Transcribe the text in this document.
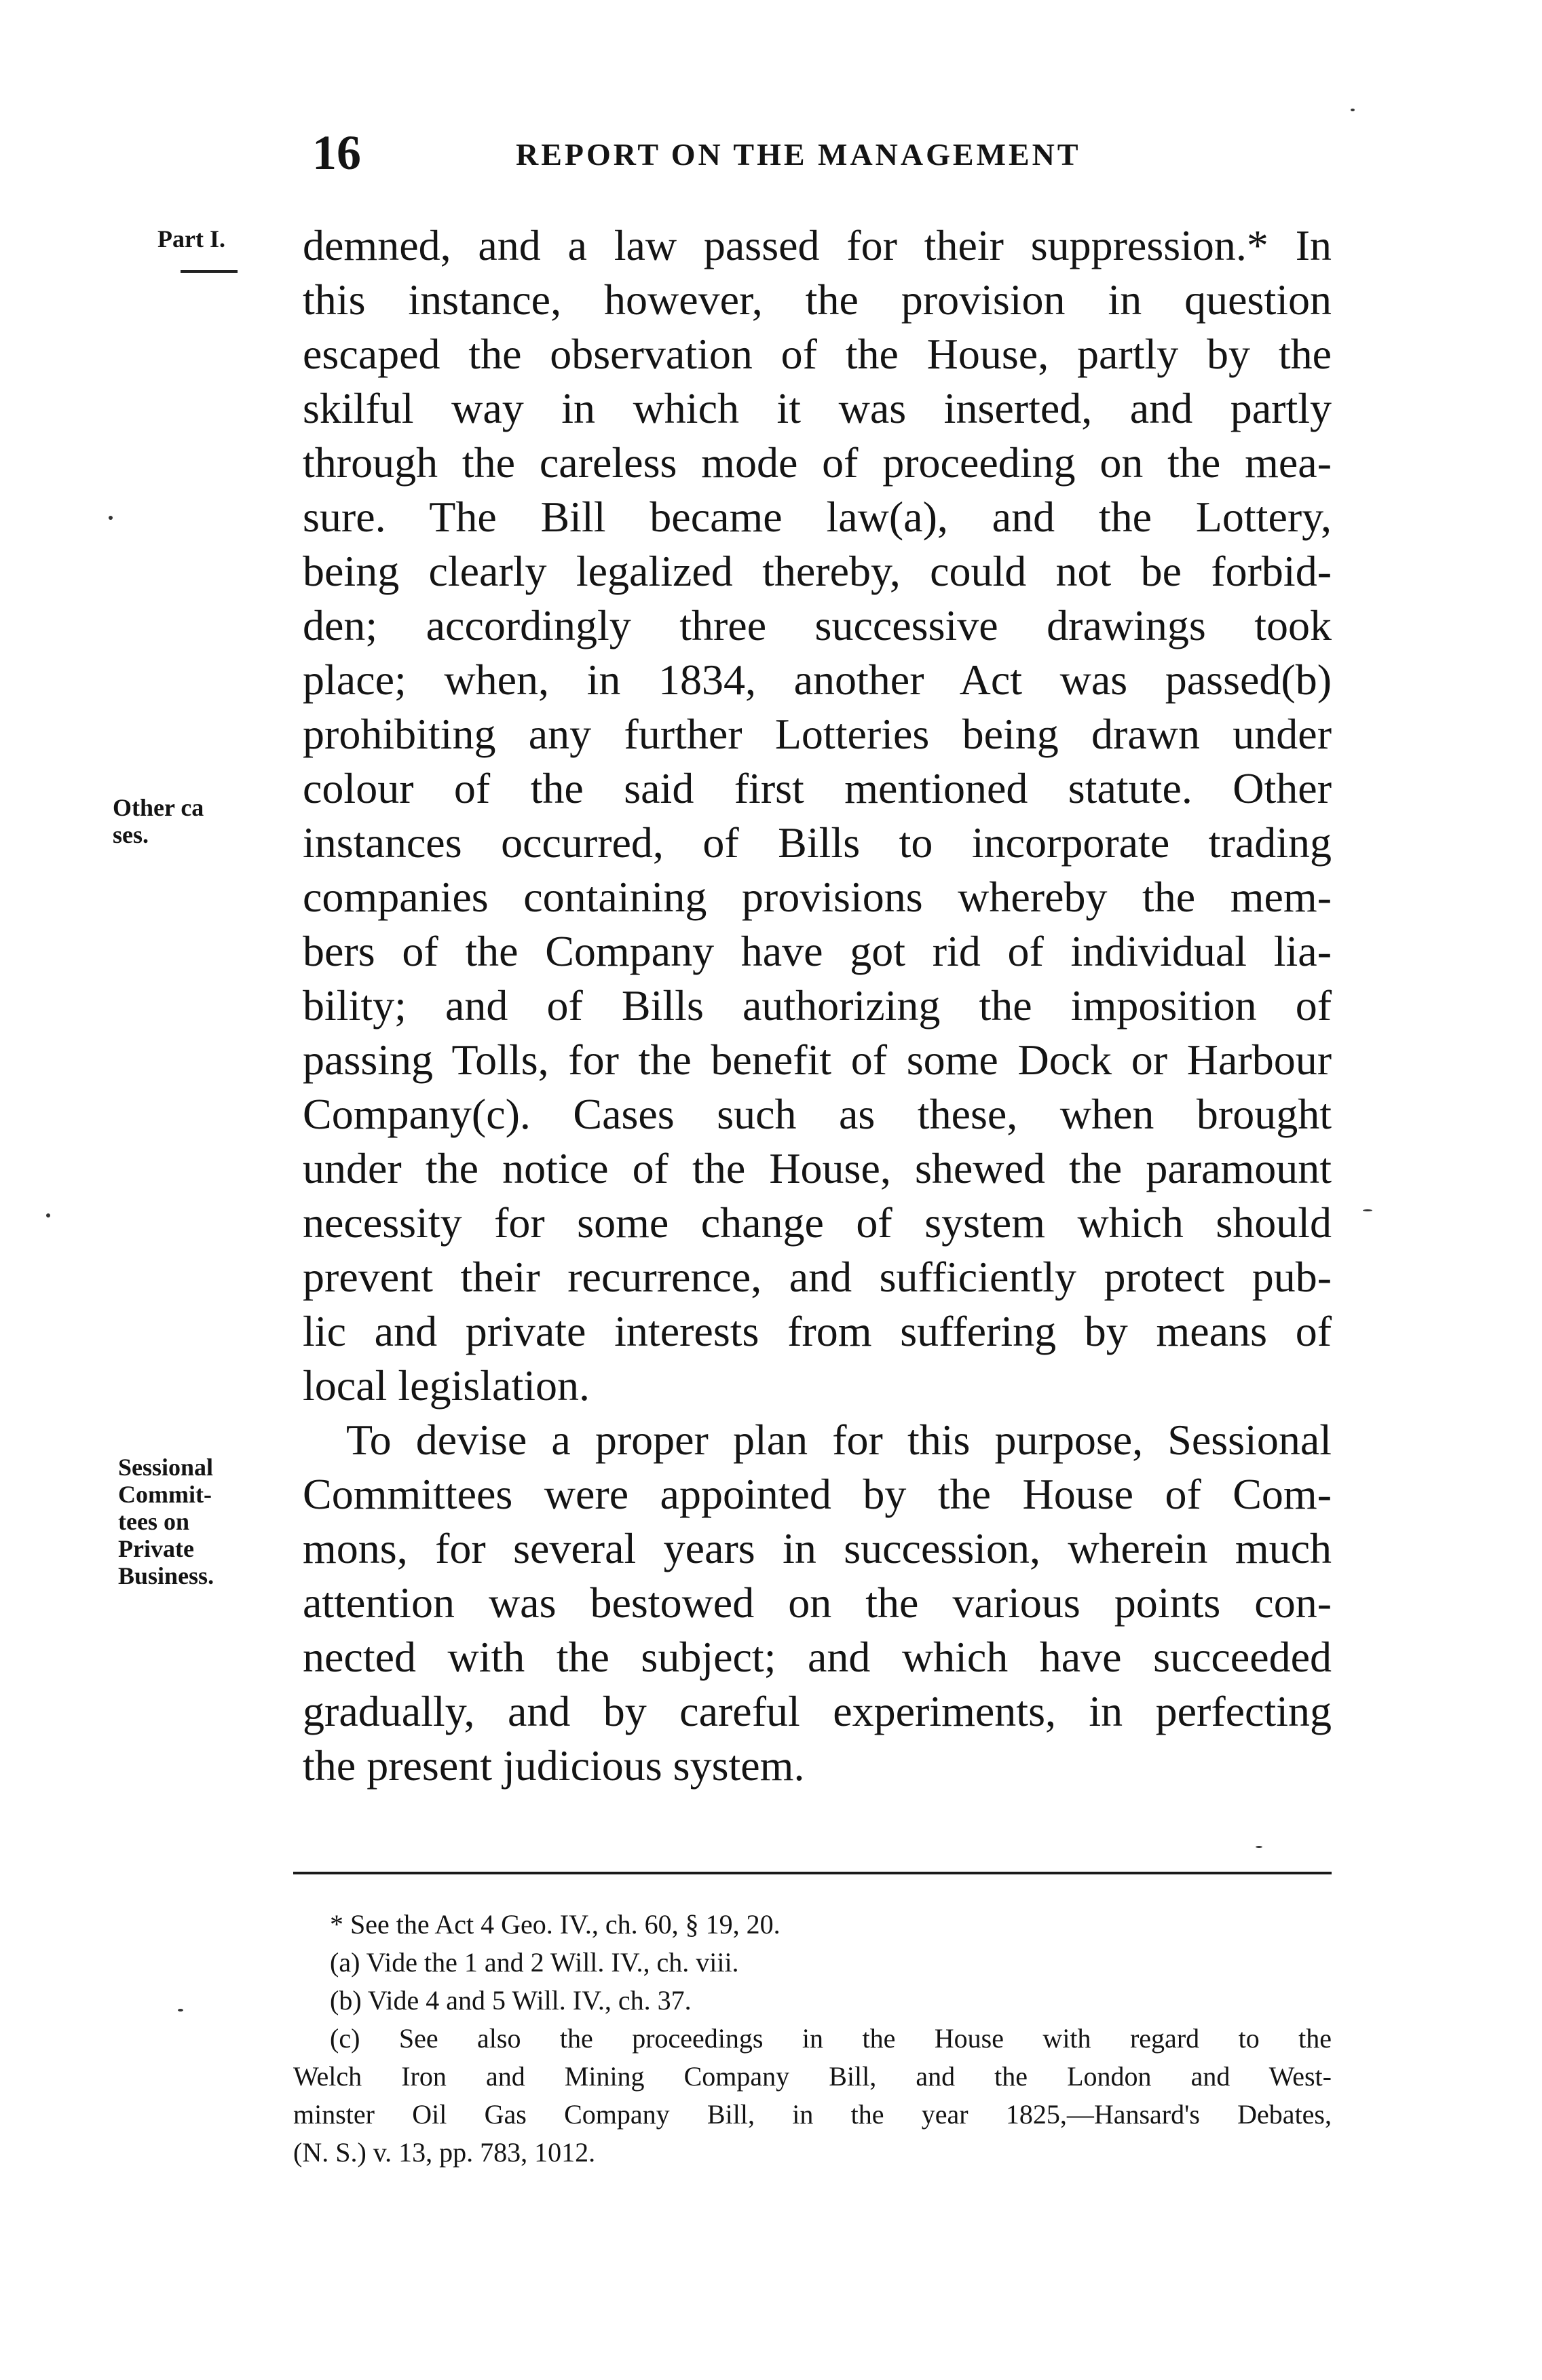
16	REPORT ON THE MANAGEMENT
Part I.
Other ca
ses.
Sessional
Commit-
tees on
Private
Business.
demned, and a law passed for their suppression.* In
this instance, however, the provision in question
escaped the observation of the House, partly by the
skilful way in which it was inserted, and partly
through the careless mode of proceeding on the mea-
sure. The Bill became law(a), and the Lottery,
being clearly legalized thereby, could not be forbid-
den; accordingly three successive drawings took
place; when, in 1834, another Act was passed(b)
prohibiting any further Lotteries being drawn under
colour of the said first mentioned statute. Other
instances occurred, of Bills to incorporate trading
companies containing provisions whereby the mem-
bers of the Company have got rid of individual lia-
bility; and of Bills authorizing the imposition of
passing Tolls, for the benefit of some Dock or Harbour
Company(c). Cases such as these, when brought
under the notice of the House, shewed the paramount
necessity for some change of system which should
prevent their recurrence, and sufficiently protect pub-
lic and private interests from suffering by means of
local legislation.
To devise a proper plan for this purpose, Sessional
Committees were appointed by the House of Com-
mons, for several years in succession, wherein much
attention was bestowed on the various points con-
nected with the subject; and which have succeeded
gradually, and by careful experiments, in perfecting
the present judicious system.
* See the Act 4 Geo. IV., ch. 60, § 19, 20.
(a) Vide the 1 and 2 Will. IV., ch. viii.
(b) Vide 4 and 5 Will. IV., ch. 37.
(c) See also the proceedings in the House with regard to the
Welch Iron and Mining Company Bill, and the London and West-
minster Oil Gas Company Bill, in the year 1825,—Hansard's Debates,
(N. S.) v. 13, pp. 783, 1012.
